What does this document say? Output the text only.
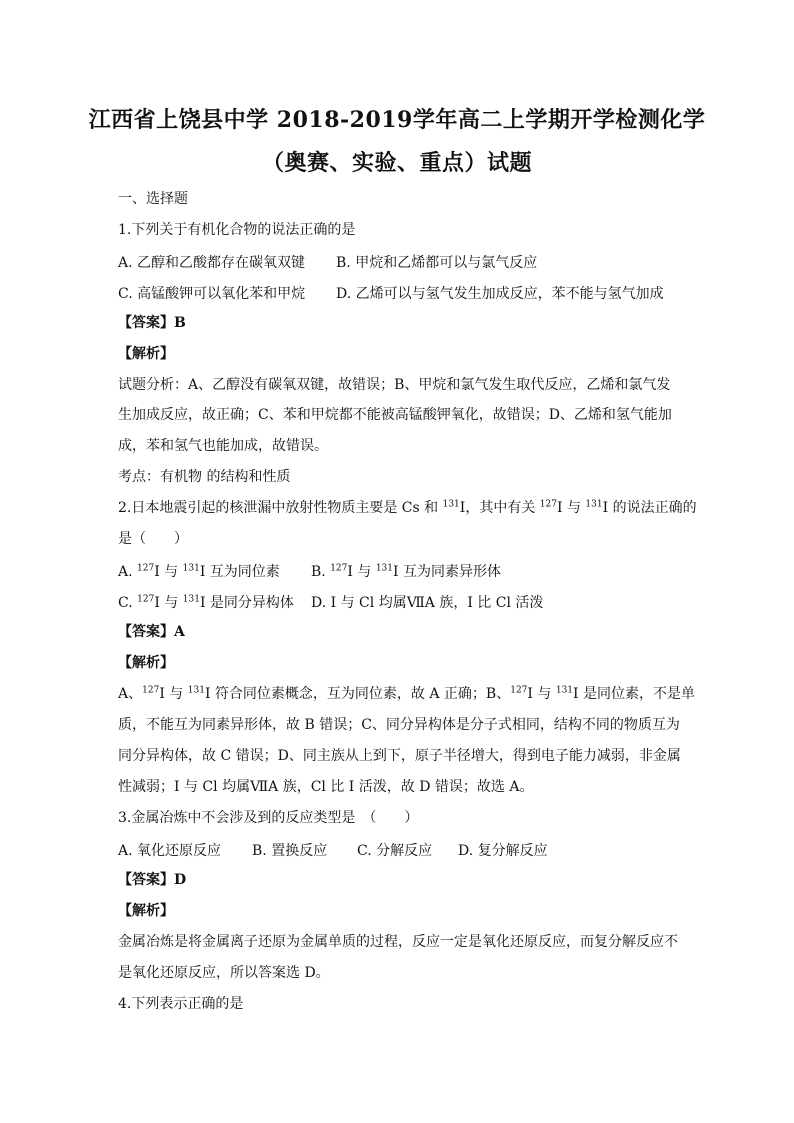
江西省上饶县中学 2018-2019学年高二上学期开学检测化学
（奥赛、实验、重点）试题
一、选择题
1.下列关于有机化合物的说法正确的是
A. 乙醇和乙酸都存在碳氧双键 B. 甲烷和乙烯都可以与氯气反应
C. 高锰酸钾可以氧化苯和甲烷 D. 乙烯可以与氢气发生加成反应，苯不能与氢气加成
【答案】B
【解析】
试题分析：A、乙醇没有碳氧双键，故错误；B、甲烷和氯气发生取代反应，乙烯和氯气发
生加成反应，故正确；C、苯和甲烷都不能被高锰酸钾氧化，故错误；D、乙烯和氢气能加
成，苯和氢气也能加成，故错误。
考点：有机物 的结构和性质
2.日本地震引起的核泄漏中放射性物质主要是 Cs 和 $^{131}$I，其中有关 $^{127}$I 与 $^{131}$I 的说法正确的
是（　　）
A. $^{127}$I 与 $^{131}$I 互为同位素 B. $^{127}$I 与 $^{131}$I 互为同素异形体
C. $^{127}$I 与 $^{131}$I 是同分异构体 D. I 与 Cl 均属ⅦA 族，I 比 Cl 活泼
【答案】A
【解析】
A、$^{127}$I 与 $^{131}$I 符合同位素概念，互为同位素，故 A 正确；B、$^{127}$I 与 $^{131}$I 是同位素，不是单
质，不能互为同素异形体，故 B 错误；C、同分异构体是分子式相同，结构不同的物质互为
同分异构体，故 C 错误；D、同主族从上到下，原子半径增大，得到电子能力减弱，非金属
性减弱；I 与 Cl 均属ⅦA 族，Cl 比 I 活泼，故 D 错误；故选 A。
3.金属冶炼中不会涉及到的反应类型是　（　　）
A. 氧化还原反应 B. 置换反应 C. 分解反应 D. 复分解反应
【答案】D
【解析】
金属冶炼是将金属离子还原为金属单质的过程，反应一定是氧化还原反应，而复分解反应不
是氧化还原反应，所以答案选 D。
4.下列表示正确的是
